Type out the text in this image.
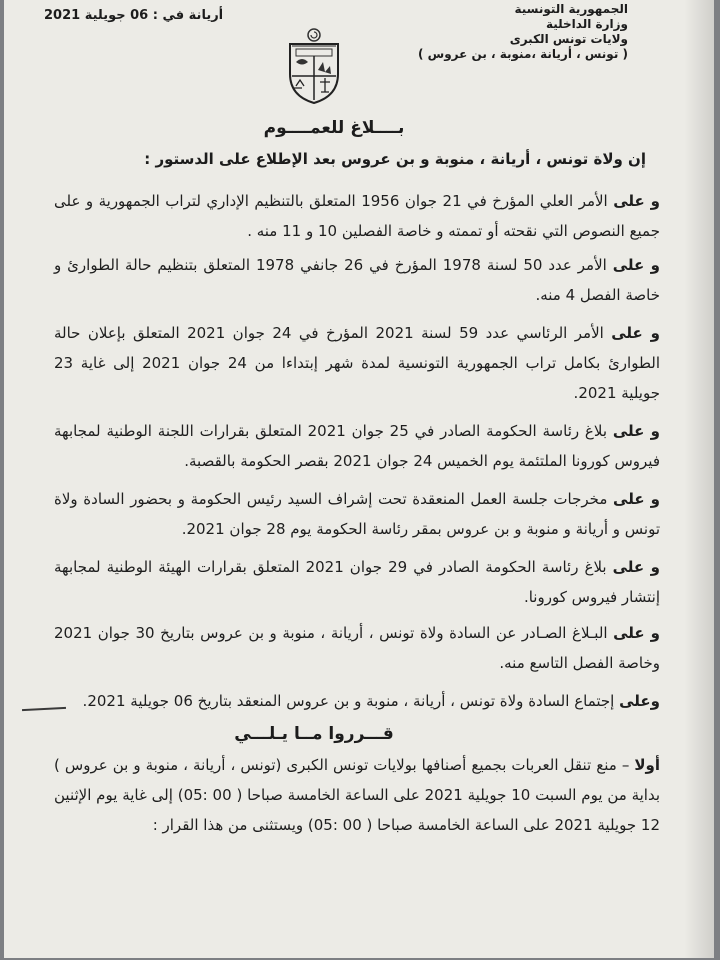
الجمهورية التونسية
وزارة الداخلية
ولايات تونس الكبرى
( تونس ، أريانة ،منوبة ، بن عروس )
أريانة في : 06 جويلية 2021
بــــلاغ للعمــــوم
إن ولاة تونس ، أريانة ، منوبة و بن عروس بعد الإطلاع على الدستور :
و على الأمر العلي المؤرخ في 21 جوان 1956 المتعلق بالتنظيم الإداري لتراب الجمهورية و على جميع النصوص التي نقحته أو تممته و خاصة الفصلين 10 و 11 منه .
و على الأمر عدد 50 لسنة 1978 المؤرخ في 26 جانفي 1978 المتعلق بتنظيم حالة الطوارئ و خاصة الفصل 4 منه.
و على الأمر الرئاسي عدد 59 لسنة 2021 المؤرخ في 24 جوان 2021 المتعلق بإعلان حالة الطوارئ بكامل تراب الجمهورية التونسية لمدة شهر إبتداءا من 24 جوان 2021 إلى غاية 23 جويلية 2021.
و على بلاغ رئاسة الحكومة الصادر في 25 جوان 2021 المتعلق بقرارات اللجنة الوطنية لمجابهة فيروس كورونا الملتئمة يوم الخميس 24 جوان 2021 بقصر الحكومة بالقصبة.
و على مخرجات جلسة العمل المنعقدة تحت إشراف السيد رئيس الحكومة و بحضور السادة ولاة تونس و أريانة و منوبة و بن عروس بمقر رئاسة الحكومة يوم 28 جوان 2021.
و على بلاغ رئاسة الحكومة الصادر في 29 جوان 2021 المتعلق بقرارات الهيئة الوطنية لمجابهة إنتشار فيروس كورونا.
و على البـلاغ الصـادر عن السادة ولاة تونس ، أريانة ، منوبة و بن عروس بتاريخ 30 جوان 2021 وخاصة الفصل التاسع منه.
وعلى إجتماع السادة ولاة تونس ، أريانة ، منوبة و بن عروس المنعقد بتاريخ 06 جويلية 2021.
قـــرروا مــا يـلـــي
أولا – منع تنقل العربات بجميع أصنافها بولايات تونس الكبرى (تونس ، أريانة ، منوبة و بن عروس ) بداية من يوم السبت 10 جويلية 2021 على الساعة الخامسة صباحا ( 00 :05) إلى غاية يوم الإثنين 12 جويلية 2021 على الساعة الخامسة صباحا ( 00 :05) ويستثنى من هذا القرار :
